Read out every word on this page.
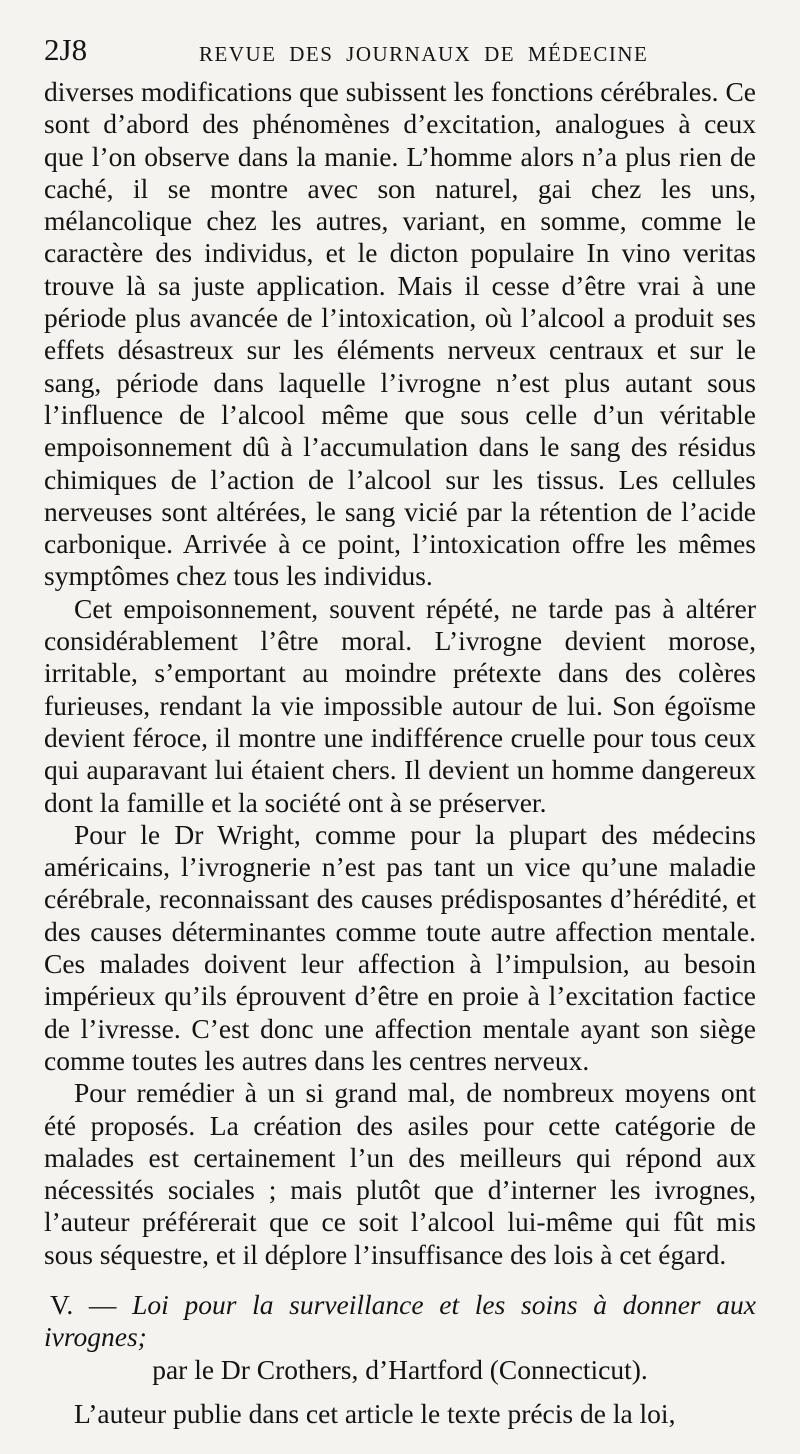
2J8	REVUE DES JOURNAUX DE MÉDECINE

diverses modifications que subissent les fonctions cérébrales. Ce sont d’abord des phénomènes d’excitation, analogues à ceux que l’on observe dans la manie. L’homme alors n’a plus rien de caché, il se montre avec son naturel, gai chez les uns, mélancolique chez les autres, variant, en somme, comme le caractère des individus, et le dicton populaire In vino veritas trouve là sa juste application. Mais il cesse d’être vrai à une période plus avancée de l’intoxication, où l’alcool a produit ses effets désastreux sur les éléments nerveux centraux et sur le sang, période dans laquelle l’ivrogne n’est plus autant sous l’influence de l’alcool même que sous celle d’un véritable empoisonnement dû à l’accumulation dans le sang des résidus chimiques de l’action de l’alcool sur les tissus. Les cellules nerveuses sont altérées, le sang vicié par la rétention de l’acide carbonique. Arrivée à ce point, l’intoxication offre les mêmes symptômes chez tous les individus.

Cet empoisonnement, souvent répété, ne tarde pas à altérer considérablement l’être moral. L’ivrogne devient morose, irritable, s’emportant au moindre prétexte dans des colères furieuses, rendant la vie impossible autour de lui. Son égoïsme devient féroce, il montre une indifférence cruelle pour tous ceux qui auparavant lui étaient chers. Il devient un homme dangereux dont la famille et la société ont à se préserver.

Pour le Dr Wright, comme pour la plupart des médecins américains, l’ivrognerie n’est pas tant un vice qu’une maladie cérébrale, reconnaissant des causes prédisposantes d’hérédité, et des causes déterminantes comme toute autre affection mentale. Ces malades doivent leur affection à l’impulsion, au besoin impérieux qu’ils éprouvent d’être en proie à l’excitation factice de l’ivresse. C’est donc une affection mentale ayant son siège comme toutes les autres dans les centres nerveux.

Pour remédier à un si grand mal, de nombreux moyens ont été proposés. La création des asiles pour cette catégorie de malades est certainement l’un des meilleurs qui répond aux nécessités sociales ; mais plutôt que d’interner les ivrognes, l’auteur préférerait que ce soit l’alcool lui-même qui fût mis sous séquestre, et il déplore l’insuffisance des lois à cet égard.

V. — Loi pour la surveillance et les soins à donner aux ivrognes;

par le Dr Crothers, d’Hartford (Connecticut).

L’auteur publie dans cet article le texte précis de la loi,
